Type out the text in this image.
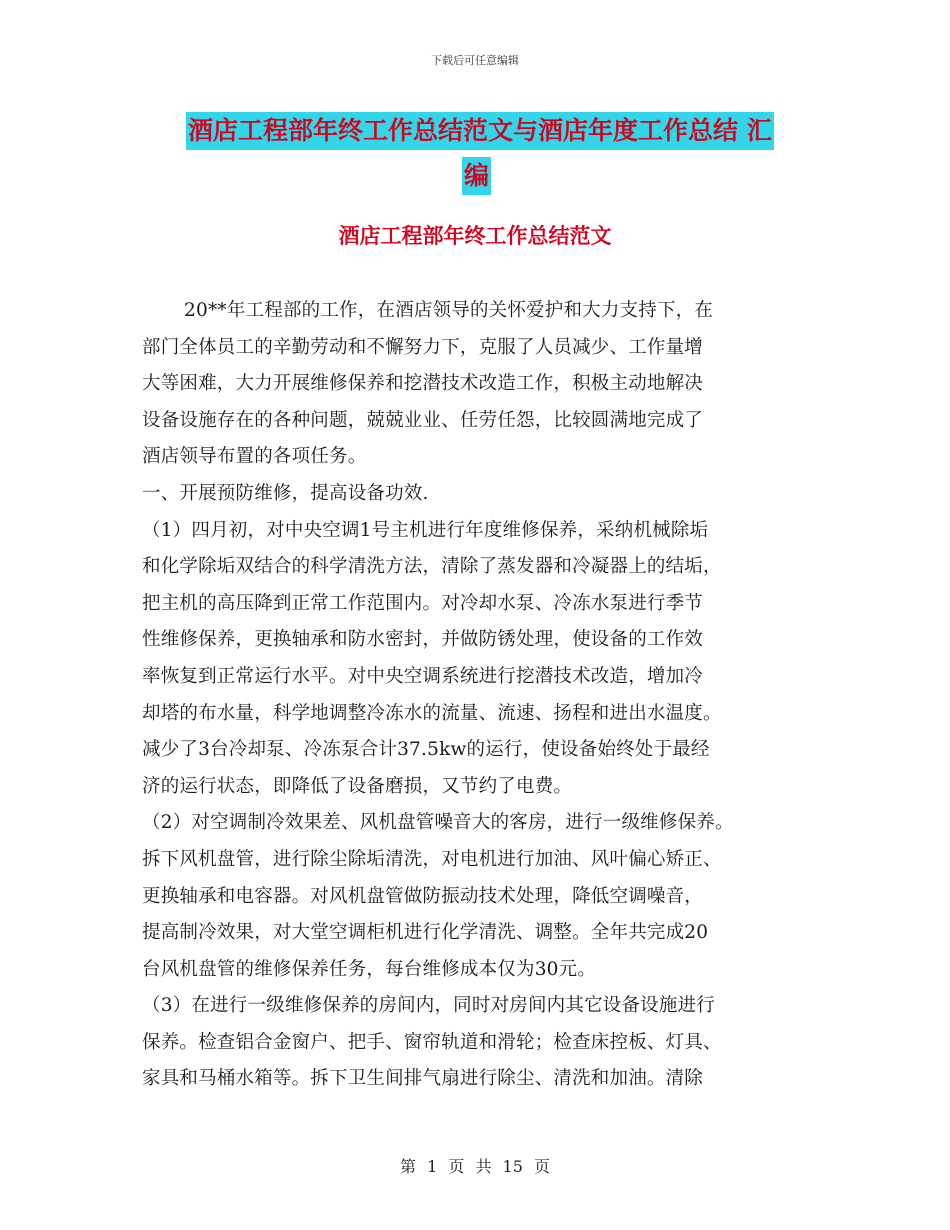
下载后可任意编辑
酒店工程部年终工作总结范文与酒店年度工作总结 汇
编
酒店工程部年终工作总结范文
20**年工程部的工作，在酒店领导的关怀爱护和大力支持下，在
部门全体员工的辛勤劳动和不懈努力下，克服了人员减少、工作量增
大等困难，大力开展维修保养和挖潜技术改造工作，积极主动地解决
设备设施存在的各种问题，兢兢业业、任劳任怨，比较圆满地完成了
酒店领导布置的各项任务。
一、开展预防维修，提高设备功效.
（1）四月初，对中央空调1号主机进行年度维修保养，采纳机械除垢
和化学除垢双结合的科学清洗方法，清除了蒸发器和冷凝器上的结垢，
把主机的高压降到正常工作范围内。对冷却水泵、冷冻水泵进行季节
性维修保养，更换轴承和防水密封，并做防锈处理，使设备的工作效
率恢复到正常运行水平。对中央空调系统进行挖潜技术改造，增加冷
却塔的布水量，科学地调整冷冻水的流量、流速、扬程和进出水温度。
减少了3台冷却泵、冷冻泵合计37.5kw的运行，使设备始终处于最经
济的运行状态，即降低了设备磨损，又节约了电费。
（2）对空调制冷效果差、风机盘管噪音大的客房，进行一级维修保养。
拆下风机盘管，进行除尘除垢清洗，对电机进行加油、风叶偏心矫正、
更换轴承和电容器。对风机盘管做防振动技术处理，降低空调噪音，
提高制冷效果，对大堂空调柜机进行化学清洗、调整。全年共完成20
台风机盘管的维修保养任务，每台维修成本仅为30元。
（3）在进行一级维修保养的房间内，同时对房间内其它设备设施进行
保养。检查铝合金窗户、把手、窗帘轨道和滑轮；检查床控板、灯具、
家具和马桶水箱等。拆下卫生间排气扇进行除尘、清洗和加油。清除
第 1 页 共 15 页
